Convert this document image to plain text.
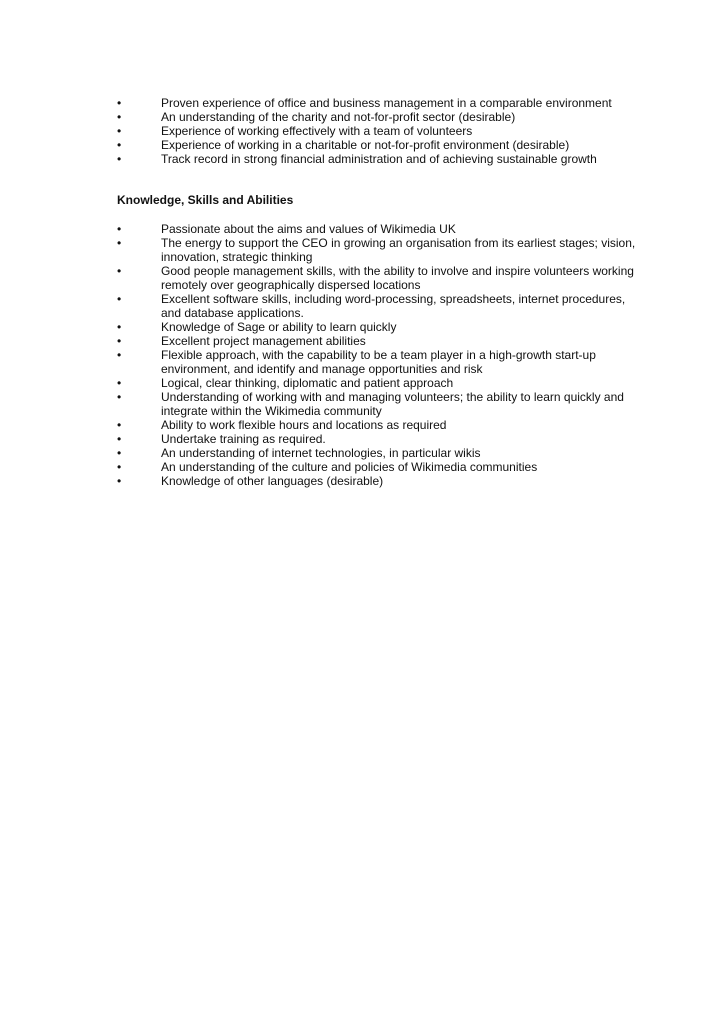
•	Proven experience of office and business management in a comparable environment
•	An understanding of the charity and not-for-profit sector (desirable)
•	Experience of working effectively with a team of volunteers
•	Experience of working in a charitable or not-for-profit environment (desirable)
•	Track record in strong financial administration and of achieving sustainable growth
Knowledge, Skills and Abilities
•	Passionate about the aims and values of Wikimedia UK
•	The energy to support the CEO in growing an organisation from its earliest stages; vision, innovation, strategic thinking
•	Good people management skills, with the ability to involve and inspire volunteers working remotely over geographically dispersed locations
•	Excellent software skills, including word-processing, spreadsheets, internet procedures, and database applications.
•	Knowledge of Sage or ability to learn quickly
•	Excellent project management abilities
•	Flexible approach, with the capability to be a team player in a high-growth start-up environment, and identify and manage opportunities and risk
•	Logical, clear thinking, diplomatic and patient approach
•	Understanding of working with and managing volunteers; the ability to learn quickly and integrate within the Wikimedia community
•	Ability to work flexible hours and locations as required
•	Undertake training as required.
•	An understanding of internet technologies, in particular wikis
•	An understanding of the culture and policies of Wikimedia communities
•	Knowledge of other languages (desirable)
